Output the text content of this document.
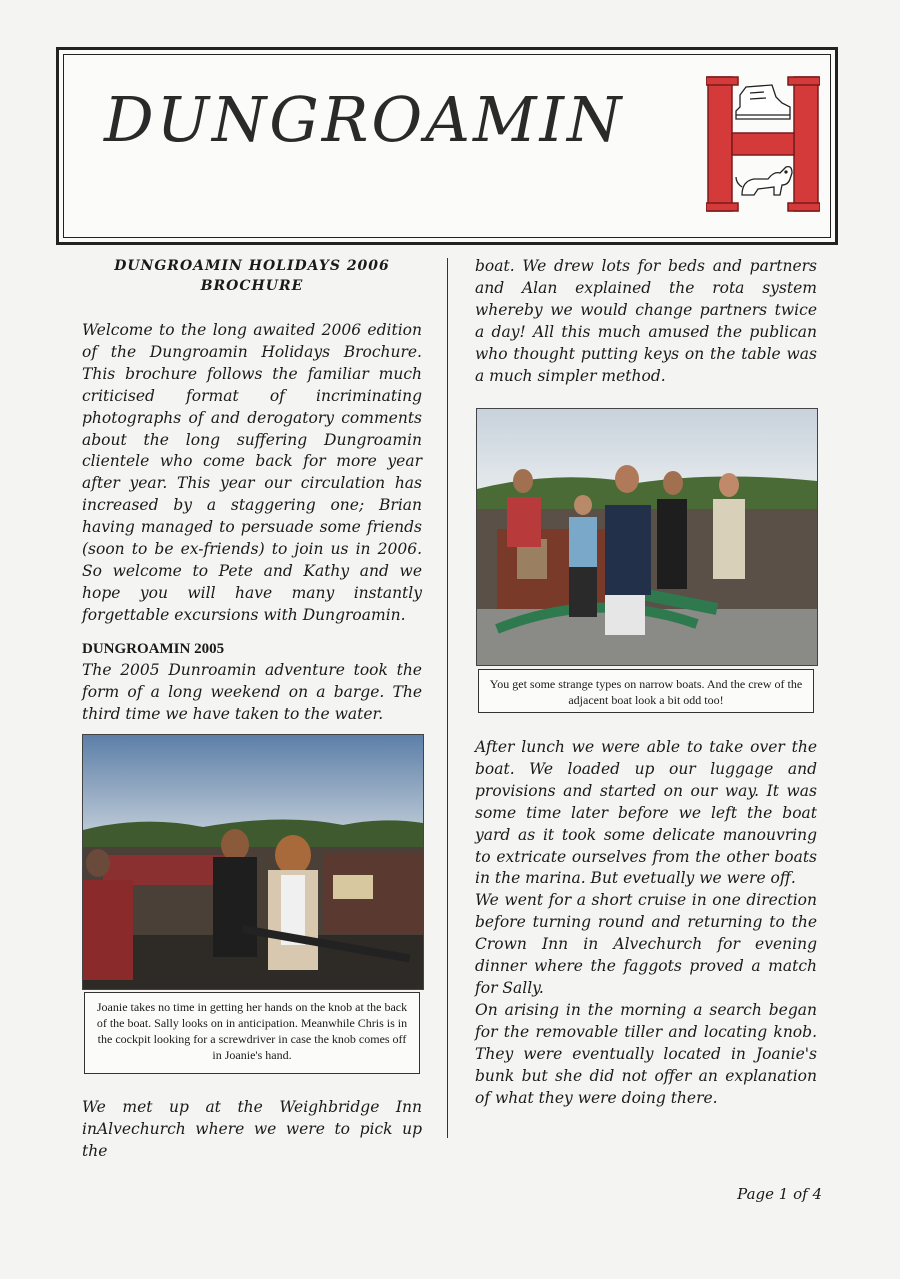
DUNGROAMIN
DUNGROAMIN HOLIDAYS 2006
BROCHURE

Welcome to the long awaited 2006 edition of the Dungroamin Holidays Brochure. This brochure follows the familiar much criticised format of incriminating photographs of and derogatory comments about the long suffering Dungroamin clientele who come back for more year after year. This year our circulation has increased by a staggering one; Brian having managed to persuade some friends (soon to be ex-friends) to join us in 2006. So welcome to Pete and Kathy and we hope you will have many instantly forgettable excursions with Dungroamin.

DUNGROAMIN 2005

The 2005 Dunroamin adventure took the form of a long weekend on a barge. The third time we have taken to the water.

Joanie takes no time in getting her hands on the knob at the back of the boat. Sally looks on in anticipation. Meanwhile Chris is in the cockpit looking for a screwdriver in case the knob comes off in Joanie's hand.

We met up at the Weighbridge Inn inAlvechurch where we were to pick up the

boat. We drew lots for beds and partners and Alan explained the rota system whereby we would change partners twice a day! All this much amused the publican who thought putting keys on the table was a much simpler method.

You get some strange types on narrow boats. And the crew of the adjacent boat look a bit odd too!

After lunch we were able to take over the boat. We loaded up our luggage and provisions and started on our way. It was some time later before we left the boat yard as it took some delicate manouvring to extricate ourselves from the other boats in the marina. But evetually we were off.

We went for a short cruise in one direction before turning round and returning to the Crown Inn in Alvechurch for evening dinner where the faggots proved a match for Sally.

On arising in the morning a search began for the removable tiller and locating knob. They were eventually located in Joanie's bunk but she did not offer an explanation of what they were doing there.

Page 1 of 4
